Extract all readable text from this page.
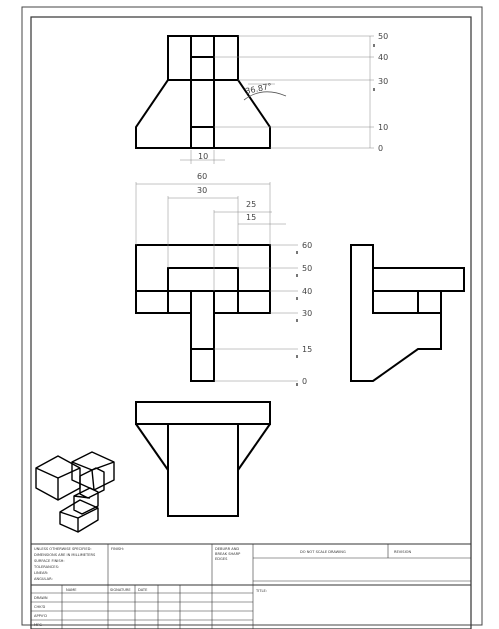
50
40
30
10
0
10
36.87°
60
30
25
15
60
50
40
30
15
0
UNLESS OTHERWISE SPECIFIED:
DIMENSIONS ARE IN MILLIMETERS
SURFACE FINISH:
TOLERANCES:
LINEAR:
ANGULAR:
FINISH:	DEBURR AND
BREAK SHARP
EDGES
DO NOT SCALE DRAWING	REVISION
TITLE:
NAME	SIGNATURE DATE
DRAWN
CHK'D
APPV'D
MFG
